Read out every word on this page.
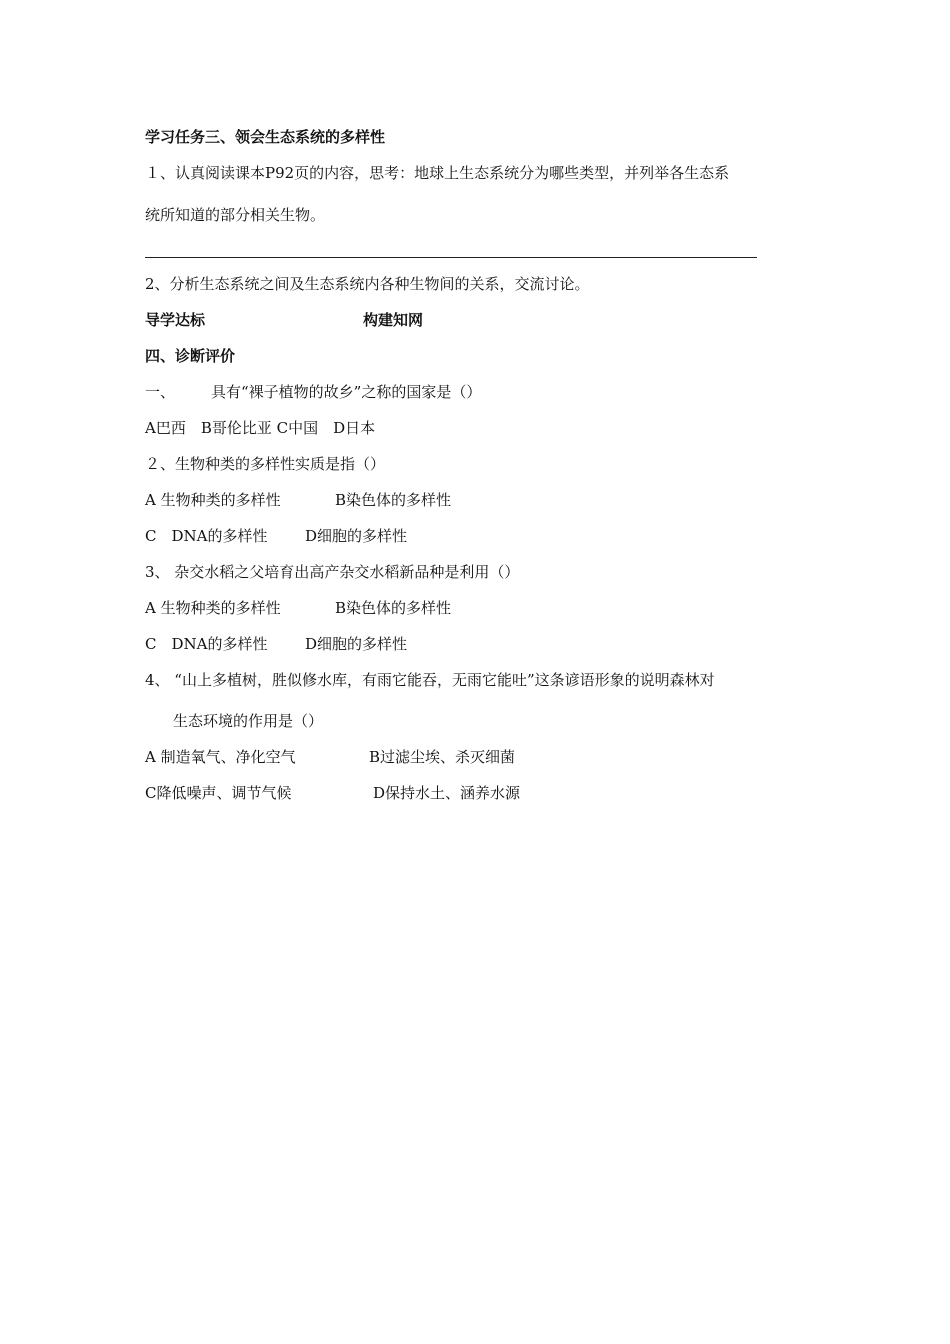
学习任务三、领会生态系统的多样性
１、认真阅读课本P92页的内容，思考：地球上生态系统分为哪些类型，并列举各生态系
统所知道的部分相关生物。
2、分析生态系统之间及生态系统内各种生物间的关系，交流讨论。
导学达标	构建知网
四、诊断评价
一、 具有“裸子植物的故乡”之称的国家是（）
A巴西　B哥伦比亚 C中国　D日本
２、生物种类的多样性实质是指（）
A 生物种类的多样性	B染色体的多样性
C　DNA的多样性	D细胞的多样性
3、 杂交水稻之父培育出高产杂交水稻新品种是利用（）
A 生物种类的多样性	B染色体的多样性
C　DNA的多样性	D细胞的多样性
4、 “山上多植树，胜似修水库，有雨它能吞，无雨它能吐”这条谚语形象的说明森林对
生态环境的作用是（）
A 制造氧气、净化空气	B过滤尘埃、杀灭细菌
C降低噪声、调节气候	D保持水土、涵养水源
